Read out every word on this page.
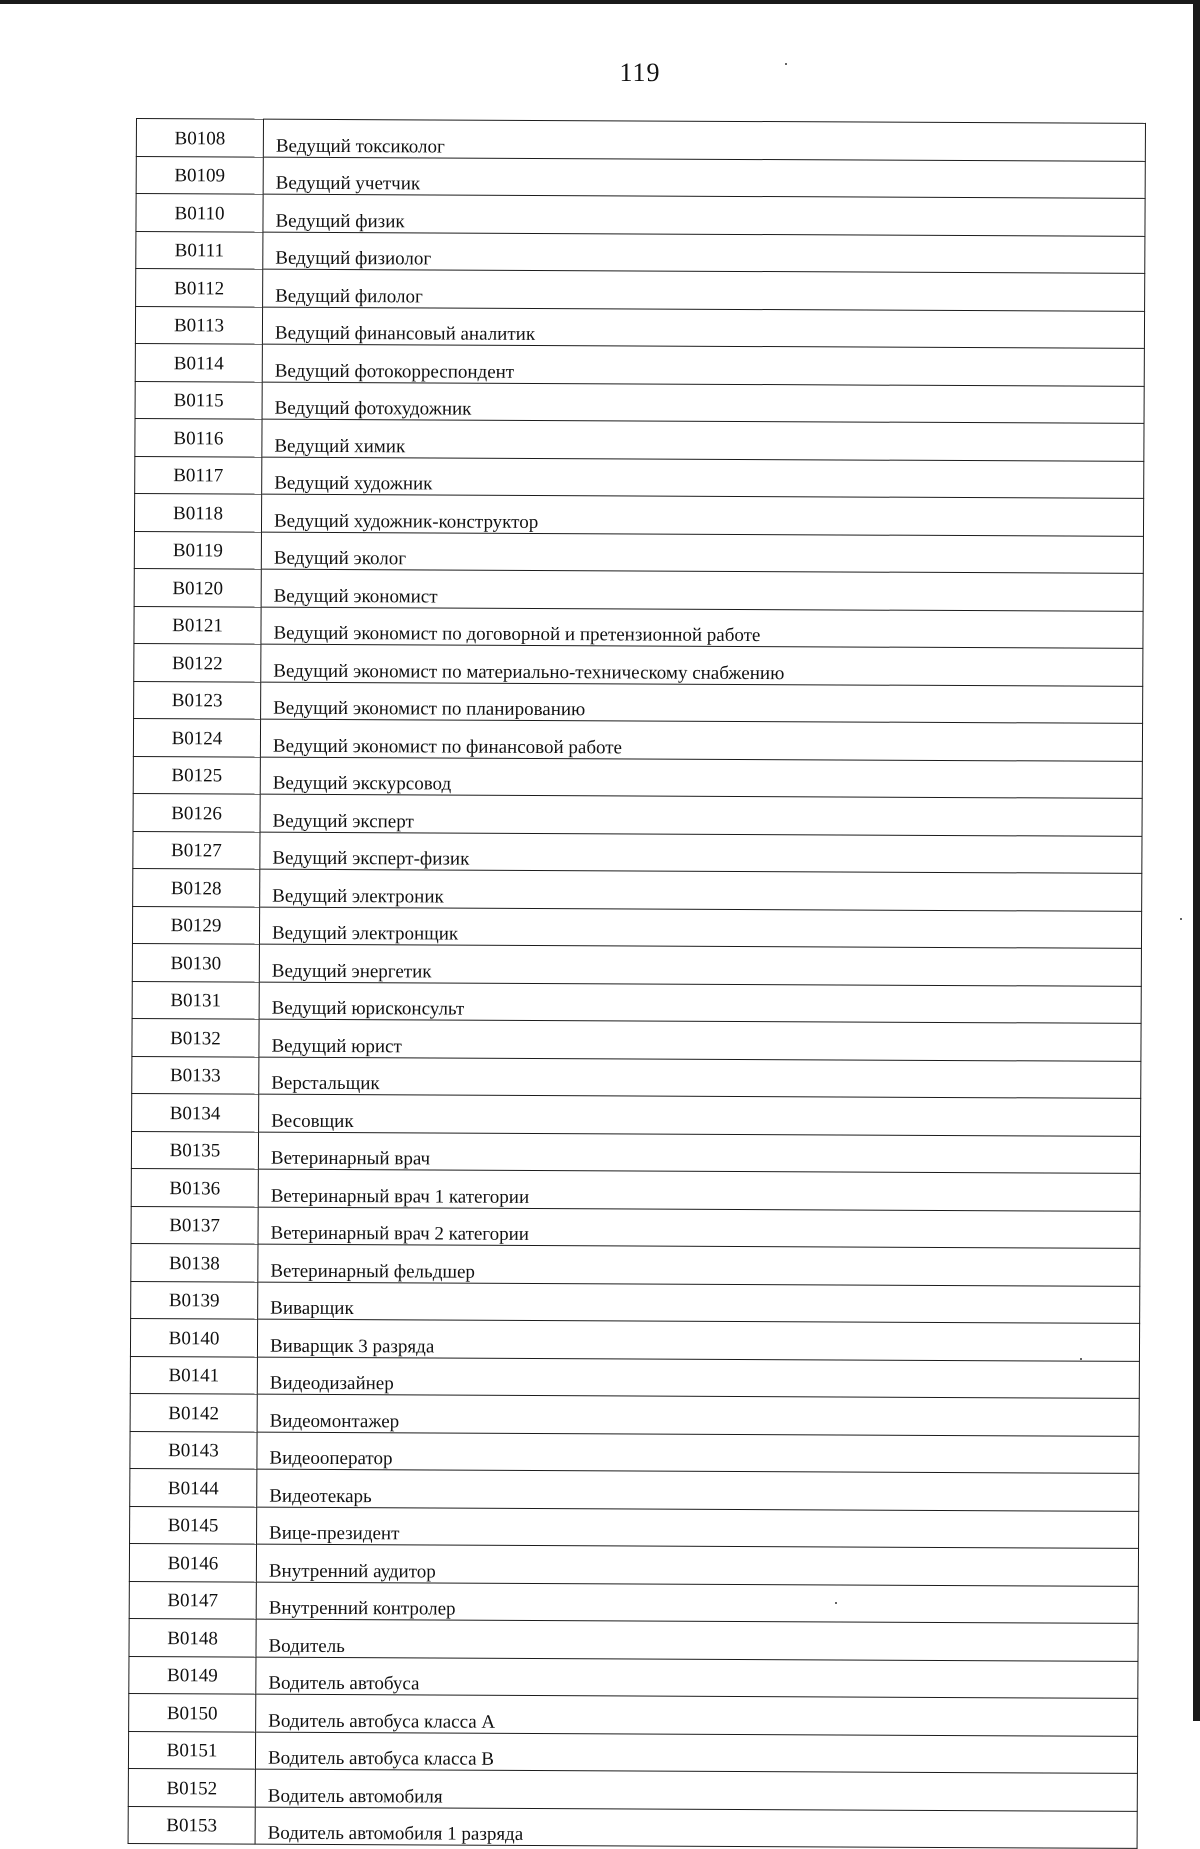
119
B0108	Ведущий токсиколог
B0109	Ведущий учетчик
B0110	Ведущий физик
B0111	Ведущий физиолог
B0112	Ведущий филолог
B0113	Ведущий финансовый аналитик
B0114	Ведущий фотокорреспондент
B0115	Ведущий фотохудожник
B0116	Ведущий химик
B0117	Ведущий художник
B0118	Ведущий художник-конструктор
B0119	Ведущий эколог
B0120	Ведущий экономист
B0121	Ведущий экономист по договорной и претензионной работе
B0122	Ведущий экономист по материально-техническому снабжению
B0123	Ведущий экономист по планированию
B0124	Ведущий экономист по финансовой работе
B0125	Ведущий экскурсовод
B0126	Ведущий эксперт
B0127	Ведущий эксперт-физик
B0128	Ведущий электроник
B0129	Ведущий электронщик
B0130	Ведущий энергетик
B0131	Ведущий юрисконсульт
B0132	Ведущий юрист
B0133	Верстальщик
B0134	Весовщик
B0135	Ветеринарный врач
B0136	Ветеринарный врач 1 категории
B0137	Ветеринарный врач 2 категории
B0138	Ветеринарный фельдшер
B0139	Виварщик
B0140	Виварщик 3 разряда
B0141	Видеодизайнер
B0142	Видеомонтажер
B0143	Видеооператор
B0144	Видеотекарь
B0145	Вице-президент
B0146	Внутренний аудитор
B0147	Внутренний контролер
B0148	Водитель
B0149	Водитель автобуса
B0150	Водитель автобуса класса А
B0151	Водитель автобуса класса В
B0152	Водитель автомобиля
B0153	Водитель автомобиля 1 разряда
